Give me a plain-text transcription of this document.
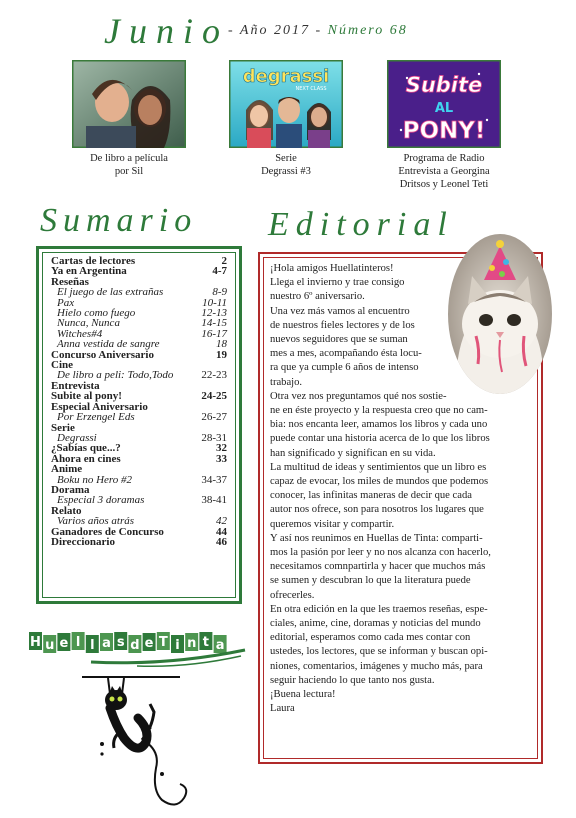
Junio - Año 2017 - Número 68
De libro a película
por Sil
degrassi
NEXT CLASS
Serie
Degrassi #3
Subite
AL
PONY!
Programa de Radio
Entrevista a Georgina
Dritsos y Leonel Teti
Sumario
Cartas de lectores	2
Ya en Argentina	4-7
Reseñas
El juego de las extrañas	8-9
Pax	10-11
Hielo como fuego	12-13
Nunca, Nunca	14-15
Witches#4	16-17
Anna vestida de sangre	18
Concurso Aniversario	19
Cine
De libro a peli: Todo,Todo	22-23
Entrevista
Subite al pony!	24-25
Especial Aniversario
Por Erzengel Eds	26-27
Serie
Degrassi	28-31
¿Sabías que...?	32
Ahora en cines	33
Anime
Boku no Hero #2	34-37
Dorama
Especial 3 doramas	38-41
Relato
Varios años atrás	42
Ganadores de Concurso	44
Direccionario	46
Editorial

¡Hola amigos Huellatinteros!

Llega el invierno y trae consigo

nuestro 6º aniversario.

Una vez más vamos al encuentro

de nuestros fieles lectores y de los

nuevos seguidores que se suman

mes a mes, acompañando ésta locu-

ra que ya cumple 6 años de intenso

trabajo.

Otra vez nos preguntamos qué nos sostie-

ne en éste proyecto y la respuesta creo que no cam-

bia: nos encanta leer, amamos los libros y cada uno

puede contar una historia acerca de lo que los libros

han significado y significan en su vida.

La multitud de ideas y sentimientos que un libro es

capaz de evocar, los miles de mundos que podemos

conocer, las infinitas maneras de decir que cada

autor nos ofrece, son para nosotros los lugares que

queremos visitar y compartir.

Y así nos reunimos en Huellas de Tinta: comparti-

mos la pasión por leer y no nos alcanza con hacerlo,

necesitamos comnpartirla y hacer que muchos más

se sumen y descubran lo que la literatura puede

ofrecerles.

En otra edición en la que les traemos reseñas, espe-

ciales, anime, cine, doramas y noticias del mundo

editorial, esperamos como cada mes contar con

ustedes, los lectores, que se informan y buscan opi-

niones, comentarios, imágenes y mucho más, para

seguir haciendo lo que tanto nos gusta.

¡Buena lectura!

Laura

H u e l l a s d e T i n t a
